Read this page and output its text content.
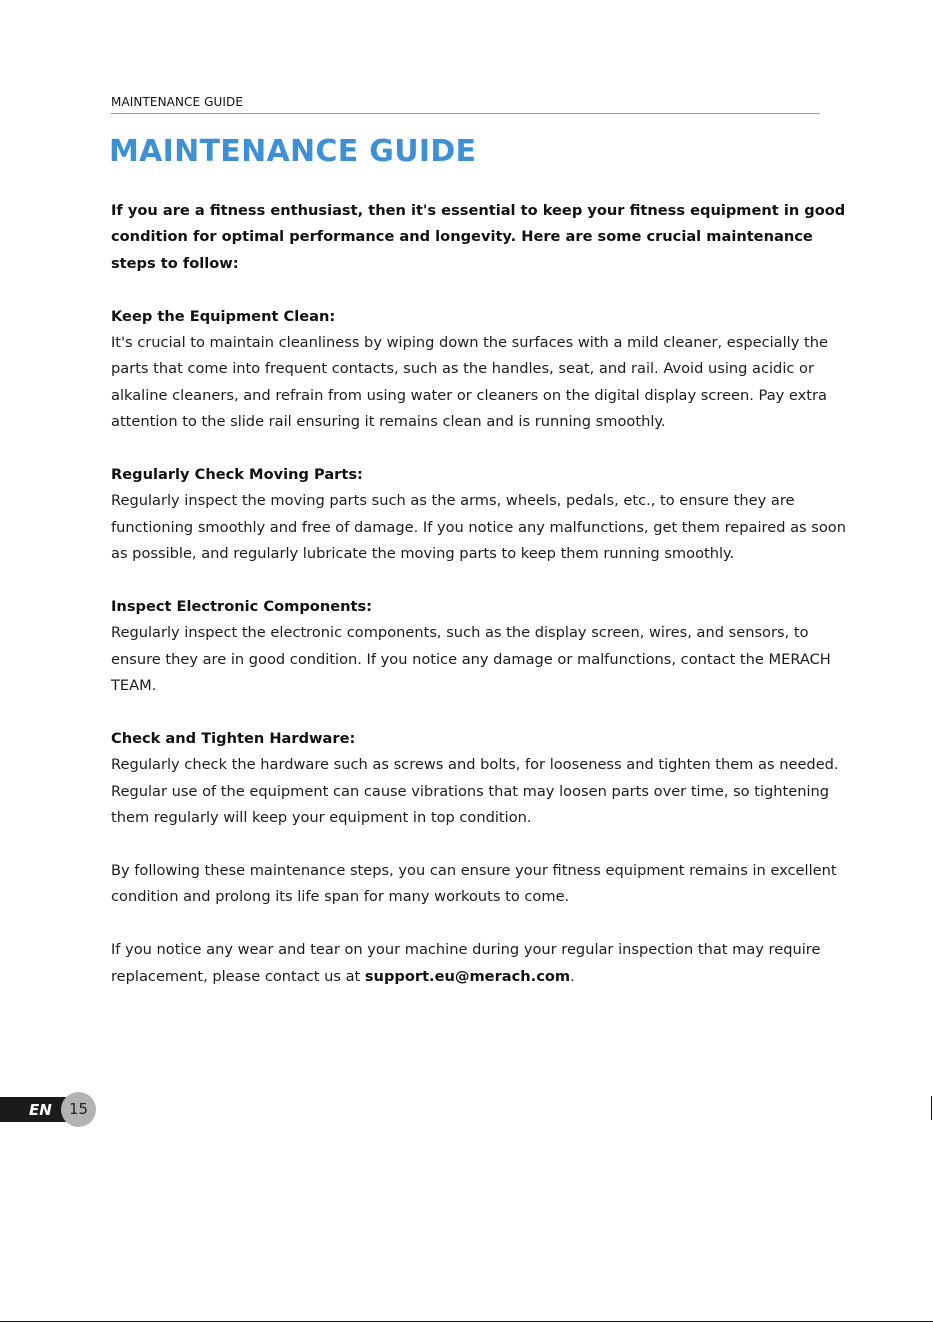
MAINTENANCE GUIDE
MAINTENANCE GUIDE

If you are a fitness enthusiast, then it's essential to keep your fitness equipment in good condition for optimal performance and longevity. Here are some crucial maintenance steps to follow:

Keep the Equipment Clean:
It's crucial to maintain cleanliness by wiping down the surfaces with a mild cleaner, especially the parts that come into frequent contacts, such as the handles, seat, and rail. Avoid using acidic or alkaline cleaners, and refrain from using water or cleaners on the digital display screen. Pay extra attention to the slide rail ensuring it remains clean and is running smoothly.

Regularly Check Moving Parts:
Regularly inspect the moving parts such as the arms, wheels, pedals, etc., to ensure they are functioning smoothly and free of damage. If you notice any malfunctions, get them repaired as soon as possible, and regularly lubricate the moving parts to keep them running smoothly.

Inspect Electronic Components:
Regularly inspect the electronic components, such as the display screen, wires, and sensors, to ensure they are in good condition. If you notice any damage or malfunctions, contact the MERACH TEAM.

Check and Tighten Hardware:
Regularly check the hardware such as screws and bolts, for looseness and tighten them as needed. Regular use of the equipment can cause vibrations that may loosen parts over time, so tightening them regularly will keep your equipment in top condition.

By following these maintenance steps, you can ensure your fitness equipment remains in excellent condition and prolong its life span for many workouts to come.

If you notice any wear and tear on your machine during your regular inspection that may require replacement, please contact us at support.eu@merach.com.

EN	15
